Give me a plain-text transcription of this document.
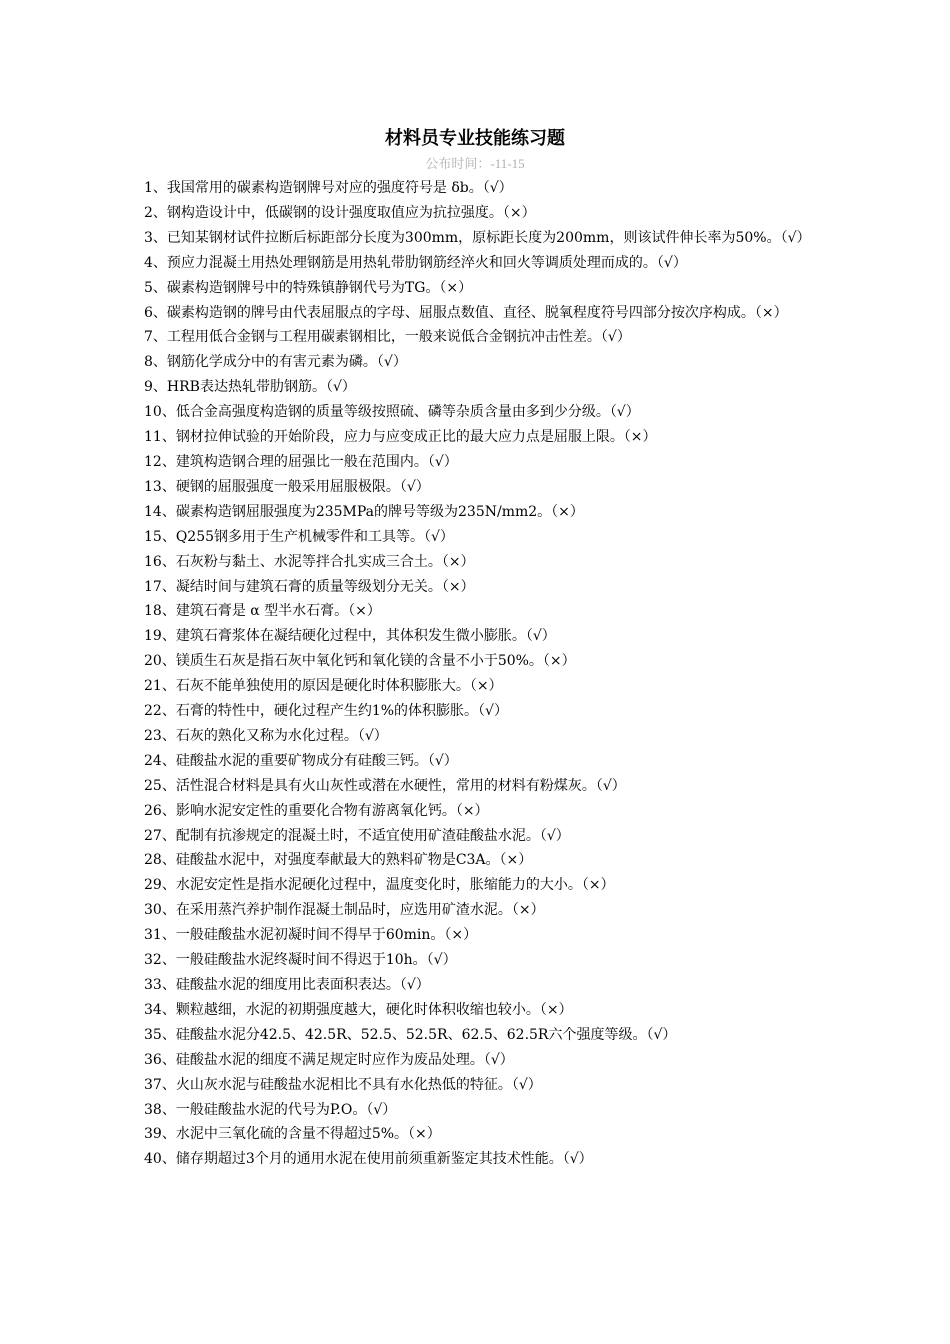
材料员专业技能练习题
公布时间：-11-15

1、我国常用的碳素构造钢牌号对应的强度符号是 δb。（√）

2、钢构造设计中，低碳钢的设计强度取值应为抗拉强度。（×）

3、已知某钢材试件拉断后标距部分长度为300mm，原标距长度为200mm，则该试件伸长率为50%。（√）

4、预应力混凝土用热处理钢筋是用热轧带肋钢筋经淬火和回火等调质处理而成的。（√）

5、碳素构造钢牌号中的特殊镇静钢代号为TG。（×）

6、碳素构造钢的牌号由代表屈服点的字母、屈服点数值、直径、脱氧程度符号四部分按次序构成。（×）

7、工程用低合金钢与工程用碳素钢相比，一般来说低合金钢抗冲击性差。（√）

8、钢筋化学成分中的有害元素为磷。（√）

9、HRB表达热轧带肋钢筋。（√）

10、低合金高强度构造钢的质量等级按照硫、磷等杂质含量由多到少分级。（√）

11、钢材拉伸试验的开始阶段，应力与应变成正比的最大应力点是屈服上限。（×）

12、建筑构造钢合理的屈强比一般在范围内。（√）

13、硬钢的屈服强度一般采用屈服极限。（√）

14、碳素构造钢屈服强度为235MPa的牌号等级为235N/mm2。（×）

15、Q255钢多用于生产机械零件和工具等。（√）

16、石灰粉与黏土、水泥等拌合扎实成三合土。（×）

17、凝结时间与建筑石膏的质量等级划分无关。（×）

18、建筑石膏是 α 型半水石膏。（×）

19、建筑石膏浆体在凝结硬化过程中，其体积发生微小膨胀。（√）

20、镁质生石灰是指石灰中氧化钙和氧化镁的含量不小于50%。（×）

21、石灰不能单独使用的原因是硬化时体积膨胀大。（×）

22、石膏的特性中，硬化过程产生约1%的体积膨胀。（√）

23、石灰的熟化又称为水化过程。（√）

24、硅酸盐水泥的重要矿物成分有硅酸三钙。（√）

25、活性混合材料是具有火山灰性或潜在水硬性，常用的材料有粉煤灰。（√）

26、影响水泥安定性的重要化合物有游离氧化钙。（×）

27、配制有抗渗规定的混凝土时，不适宜使用矿渣硅酸盐水泥。（√）

28、硅酸盐水泥中，对强度奉献最大的熟料矿物是C3A。（×）

29、水泥安定性是指水泥硬化过程中，温度变化时，胀缩能力的大小。（×）

30、在采用蒸汽养护制作混凝土制品时，应选用矿渣水泥。（×）

31、一般硅酸盐水泥初凝时间不得早于60min。（×）

32、一般硅酸盐水泥终凝时间不得迟于10h。（√）

33、硅酸盐水泥的细度用比表面积表达。（√）

34、颗粒越细，水泥的初期强度越大，硬化时体积收缩也较小。（×）

35、硅酸盐水泥分42.5、42.5R、52.5、52.5R、62.5、62.5R六个强度等级。（√）

36、硅酸盐水泥的细度不满足规定时应作为废品处理。（√）

37、火山灰水泥与硅酸盐水泥相比不具有水化热低的特征。（√）

38、一般硅酸盐水泥的代号为P.O。（√）

39、水泥中三氧化硫的含量不得超过5%。（×）

40、储存期超过3个月的通用水泥在使用前须重新鉴定其技术性能。（√）
